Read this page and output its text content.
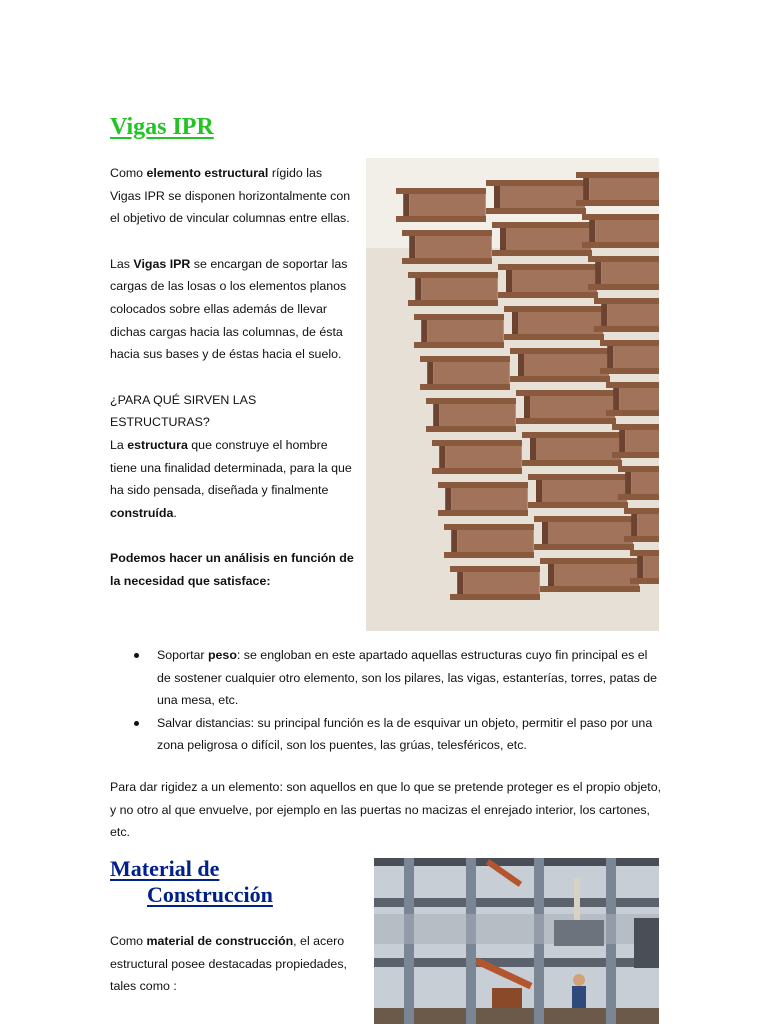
Vigas IPR

Como elemento estructural rígido las Vigas IPR se disponen horizontalmente con el objetivo de vincular columnas entre ellas.

Las Vigas IPR se encargan de soportar las cargas de las losas o los elementos planos colocados sobre ellas además de llevar dichas cargas hacia las columnas, de ésta hacia sus bases y de éstas hacia el suelo.

¿PARA QUÉ SIRVEN LAS ESTRUCTURAS?

La estructura que construye el hombre tiene una finalidad determinada, para la que ha sido pensada, diseñada y finalmente construída.

Podemos hacer un análisis en función de la necesidad que satisface:

Soportar peso: se engloban en este apartado aquellas estructuras cuyo fin principal es el de sostener cualquier otro elemento, son los pilares, las vigas, estanterías, torres, patas de una mesa, etc.
Salvar distancias: su principal función es la de esquivar un objeto, permitir el paso por una zona peligrosa o difícil, son los puentes, las grúas, telesféricos, etc.

Para dar rigidez a un elemento: son aquellos en que lo que se pretende proteger es el propio objeto, y no otro al que envuelve, por ejemplo en las puertas no macizas el enrejado interior, los cartones, etc.

Material de
Construcción

Como material de construcción, el acero estructural posee destacadas propiedades, tales como :
